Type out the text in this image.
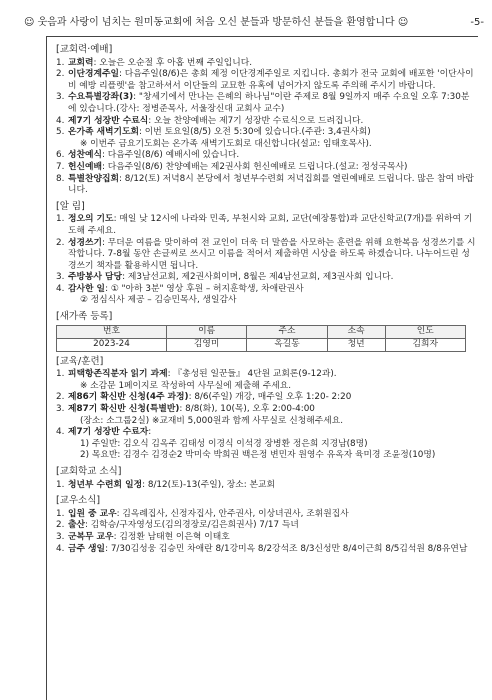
☺ 웃음과 사랑이 넘치는 원미동교회에 처음 오신 분들과 방문하신 분들을 환영합니다 ☺	-5-
[교회력·예배]
1. 교회력: 오늘은 오순절 후 아홉 번째 주일입니다.
2. 이단경계주일: 다음주일(8/6)은 총회 제정 이단경계주일로 지킵니다. 총회가 전국 교회에 배포한 '이단사이비 예방 리플렛'을 참고하셔서 이단들의 교묘한 유혹에 넘어가지 않도록 주의해 주시기 바랍니다.
3. 수요특별강좌(3): "창세기에서 만나는 은혜의 하나님"이란 주제로 8월 9일까지 매주 수요일 오후 7:30분에 있습니다.(강사: 정병준목사, 서울장신대 교회사 교수)
4. 제7기 성장반 수료식: 오늘 찬양예배는 제7기 성장반 수료식으로 드려집니다.
5. 온가족 새벽기도회: 이번 토요일(8/5) 오전 5:30에 있습니다.(주관: 3,4권사회)
※ 이번주 금요기도회는 온가족 새벽기도회로 대신합니다(설교: 임태호목사).
6. 성찬예식: 다음주일(8/6) 예배시에 있습니다.
7. 헌신예배: 다음주일(8/6) 찬양예배는 제2권사회 헌신예배로 드립니다.(설교: 정성국목사)
8. 특별찬양집회: 8/12(토) 저녁8시 본당에서 청년부수련회 저녁집회를 열린예배로 드립니다. 많은 참여 바랍니다.
[알 림]
1. 정오의 기도: 매일 낮 12시에 나라와 민족, 부천시와 교회, 교단(예장통합)과 교단신학교(7개)를 위하여 기도해 주세요.
2. 성경쓰기: 무더운 여름을 맞이하여 전 교인이 더욱 더 말씀을 사모하는 훈련을 위해 요한복음 성경쓰기를 시작합니다. 7-8월 동안 손글씨로 쓰시고 이름을 적어서 제출하면 시상을 하도록 하겠습니다. 나누어드린 성경쓰기 책자를 활용하시면 됩니다.
3. 주방봉사 담당: 제3남선교회, 제2권사회이며, 8월은 제4남선교회, 제3권사회 입니다.
4. 감사한 일: ① "아하 3분" 영상 후원 – 허지훈학생, 차애란권사
② 정심식사 제공 – 김승민목사, 생일감사
[새가족 등록]
번호	이름	주소	소속	인도
2023-24	김영미	옥길동	청년	김희자
[교육/훈련]
1. 피택항존직분자 읽기 과제: 『총성된 일꾼들』 4단원 교회론(9-12과).
※ 소감문 1페이지로 작성하여 사무실에 제출해 주세요.
2. 제86기 확신반 신청(4주 과정): 8/6(주일) 개강, 매주일 오후 1:20- 2:20
3. 제87기 확신반 신청(특별반): 8/8(화), 10(목), 오후 2:00-4:00
(장소: 소그룹2실) ※교재비 5,000원과 함께 사무실로 신청해주세요.
4. 제7기 성장반 수료자:
1) 주일반: 김오식 김옥주 김태성 이경식 이석경 장병환 정은희 지경남(8명)
2) 목요반: 김경수 김경순2 박미숙 박희권 백은정 변민자 원영수 유옥자 육미경 조윤정(10명)
[교회학교 소식]
1. 청년부 수련회 일정: 8/12(토)-13(주일), 장소: 본교회
[교우소식]
1. 입원 중 교우: 김옥례집사, 신정자집사, 안주권사, 이상녀권사, 조휘원집사
2. 출산: 김학승/구자영성도(김의경장로/김은희권사) 7/17 득녀
3. 군복무 교우: 김정환 남태현 이은혁 이태호
4. 금주 생일: 7/30김성웅 김승민 차애란 8/1강미옥 8/2강석조 8/3신성만 8/4이근희 8/5김석원 8/8유연남
